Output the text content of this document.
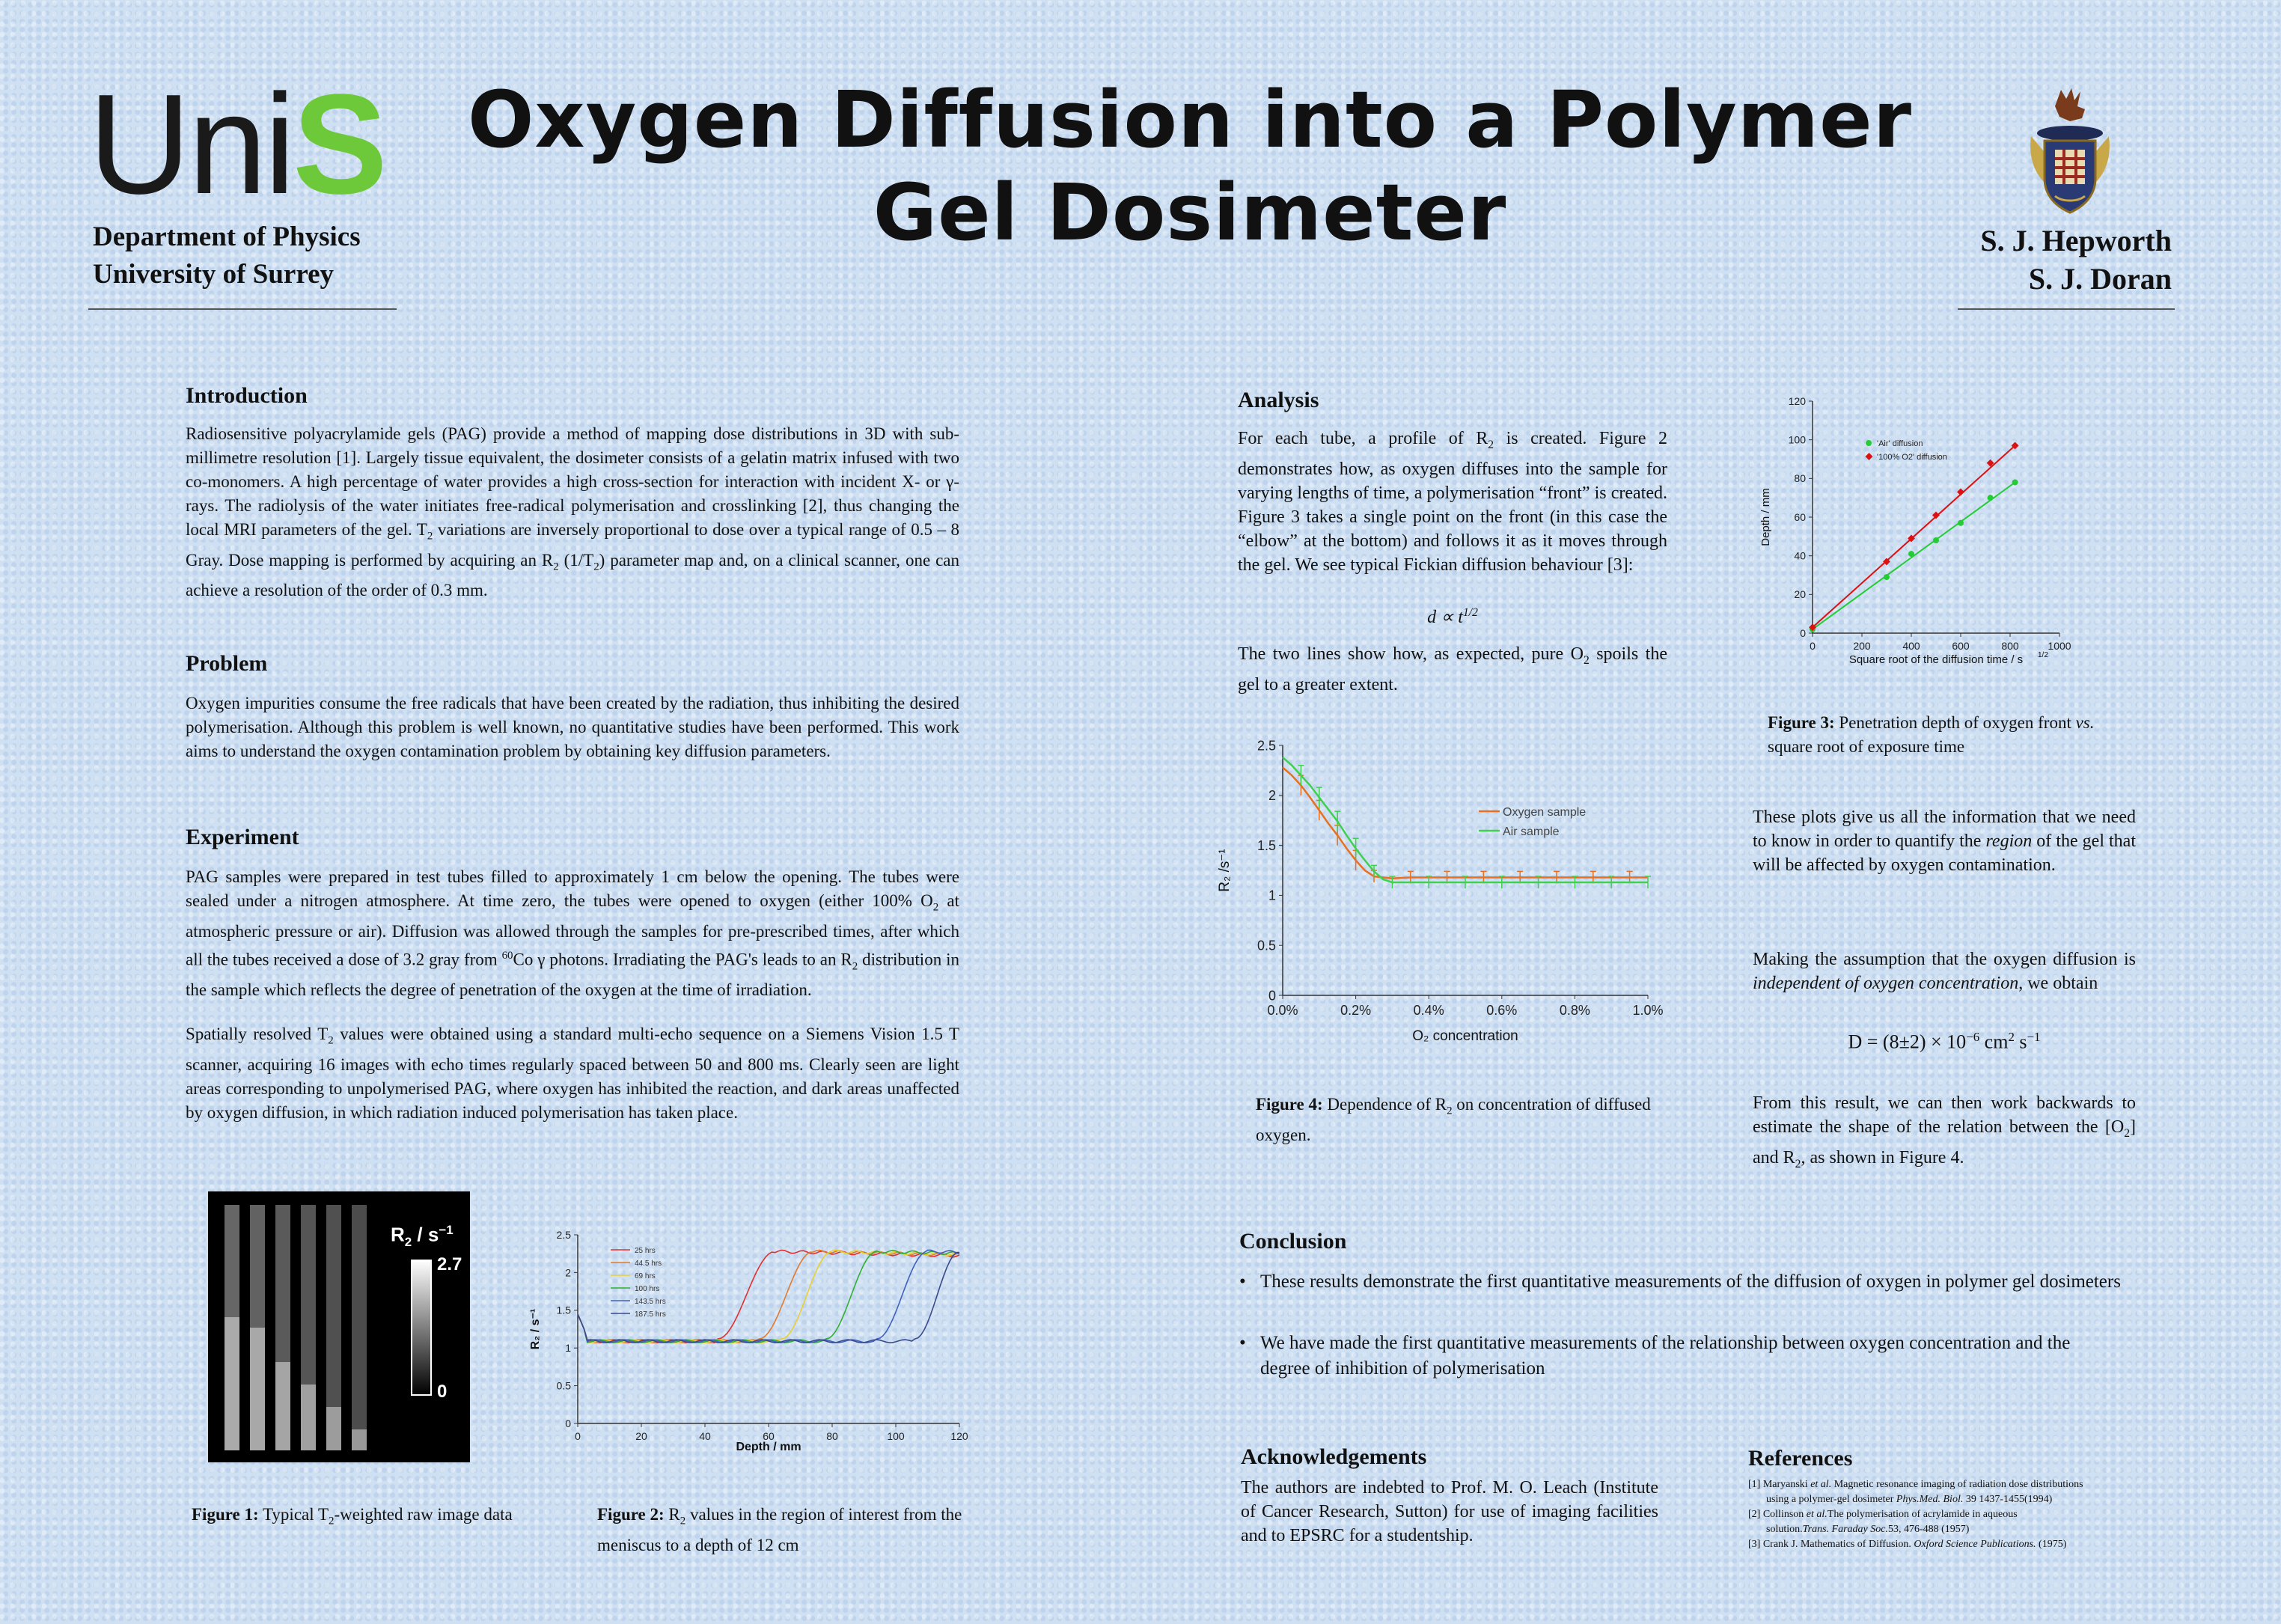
UniS
Department of Physics
University of Surrey
Oxygen Diffusion into a Polymer
Gel Dosimeter	S. J. Hepworth
S. J. Doran
Introduction
Radiosensitive polyacrylamide gels (PAG) provide a method of mapping dose distributions in 3D with sub-millimetre resolution [1]. Largely tissue equivalent, the dosimeter consists of a gelatin matrix infused with two co-monomers. A high percentage of water provides a high cross-section for interaction with incident X- or γ-rays. The radiolysis of the water initiates free-radical polymerisation and crosslinking [2], thus changing the local MRI parameters of the gel. $T_2$ variations are inversely proportional to dose over a typical range of 0.5 – 8 Gray. Dose mapping is performed by acquiring an $R_2$ $(1/T_2)$ parameter map and, on a clinical scanner, one can achieve a resolution of the order of 0.3 mm.
Problem
Oxygen impurities consume the free radicals that have been created by the radiation, thus inhibiting the desired polymerisation. Although this problem is well known, no quantitative studies have been performed. This work aims to understand the oxygen contamination problem by obtaining key diffusion parameters.
Experiment
PAG samples were prepared in test tubes filled to approximately 1 cm below the opening. The tubes were sealed under a nitrogen atmosphere. At time zero, the tubes were opened to oxygen (either 100% $O_2$ at atmospheric pressure or air). Diffusion was allowed through the samples for pre-prescribed times, after which all the tubes received a dose of 3.2 gray from $^{60}$Co γ photons. Irradiating the PAG's leads to an $R_2$ distribution in the sample which reflects the degree of penetration of the oxygen at the time of irradiation.
Spatially resolved $T_2$ values were obtained using a standard multi-echo sequence on a Siemens Vision 1.5 T scanner, acquiring 16 images with echo times regularly spaced between 50 and 800 ms. Clearly seen are light areas corresponding to unpolymerised PAG, where oxygen has inhibited the reaction, and dark areas unaffected by oxygen diffusion, in which radiation induced polymerisation has taken place.
$R_2 / s^{-1}$
2.7
0
Figure 1: Typical $T_2$-weighted raw image data
0	20	40	60	80	100	120
0
0.5
1
1.5
2
2.5
Depth / mm
R₂ / s⁻¹
25 hrs
44.5 hrs
69 hrs
100 hrs
143.5 hrs
187.5 hrs
Figure 2: $R_2$ values in the region of interest from the meniscus to a depth of 12 cm
Analysis
For each tube, a profile of $R_2$ is created. Figure 2 demonstrates how, as oxygen diffuses into the sample for varying lengths of time, a polymerisation “front” is created. Figure 3 takes a single point on the front (in this case the “elbow” at the bottom) and follows it as it moves through the gel. We see typical Fickian diffusion behaviour [3]:
$d \propto t^{1/2}$
The two lines show how, as expected, pure $O_2$ spoils the gel to a greater extent.
0.0%	0.2%	0.4%	0.6%	0.8%	1.0%
0
0.5
1
1.5
2
2.5
O₂ concentration
R₂ /s⁻¹
Oxygen sample
Air sample
Figure 4: Dependence of $R_2$ on concentration of diffused oxygen.
0	200	400	600	800	1000
0
20
40
60
80
100
120
Square root of the diffusion time / s 1/2
Depth / mm
'Air' diffusion
'100% O2' diffusion
Figure 3: Penetration depth of oxygen front vs. square root of exposure time
These plots give us all the information that we need to know in order to quantify the region of the gel that will be affected by oxygen contamination.
Making the assumption that the oxygen diffusion is independent of oxygen concentration, we obtain
$D = (8\pm 2) \times 10^{-6}$ $cm^2$ $s^{-1}$
From this result, we can then work backwards to estimate the shape of the relation between the $[O_2]$ and $R_2$, as shown in Figure 4.
Conclusion
• These results demonstrate the first quantitative measurements of the diffusion of oxygen in polymer gel dosimeters
• We have made the first quantitative measurements of the relationship between oxygen concentration and the degree of inhibition of polymerisation
Acknowledgements
The authors are indebted to Prof. M. O. Leach (Institute of Cancer Research, Sutton) for use of imaging facilities and to EPSRC for a studentship.
References
[1] Maryanski et al. Magnetic resonance imaging of radiation dose distributions
using a polymer-gel dosimeter Phys.Med. Biol. 39 1437-1455(1994)
[2] Collinson et al.The polymerisation of acrylamide in aqueous
solution.Trans. Faraday Soc.53, 476-488 (1957)
[3] Crank J. Mathematics of Diffusion. Oxford Science Publications. (1975)
